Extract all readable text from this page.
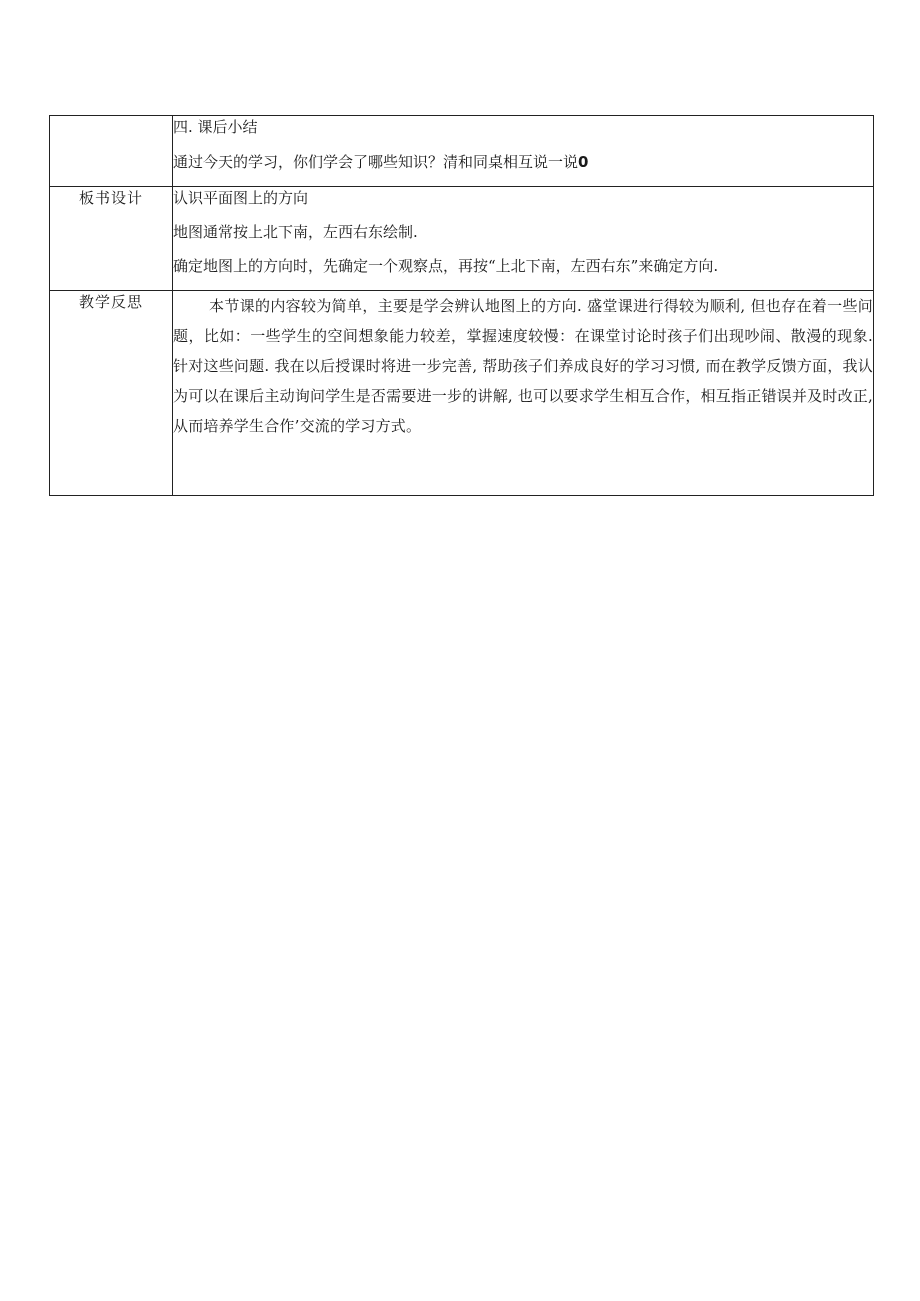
	四. 课后小结
通过今天的学习，你们学会了哪些知识？清和同桌相互说一说0

板书设计	认识平面图上的方向
地图通常按上北下南，左西右东绘制.
确定地图上的方向时，先确定一个观察点，再按“上北下南，左西右东”来确定方向.

教学反思	本节课的内容较为简单，主要是学会辨认地图上的方向. 盛堂课进行得较为顺利, 但也存在着一些问题，比如：一些学生的空间想象能力较差，掌握速度较慢：在课堂讨论时孩子们出现吵闹、散漫的现象. 针对这些问题. 我在以后授课时将进一步完善, 帮助孩子们养成良好的学习习惯, 而在教学反馈方面，我认为可以在课后主动询问学生是否需要进一步的讲解, 也可以要求学生相互合作，相互指正错误并及时改正, 从而培养学生合作’交流的学习方式。
